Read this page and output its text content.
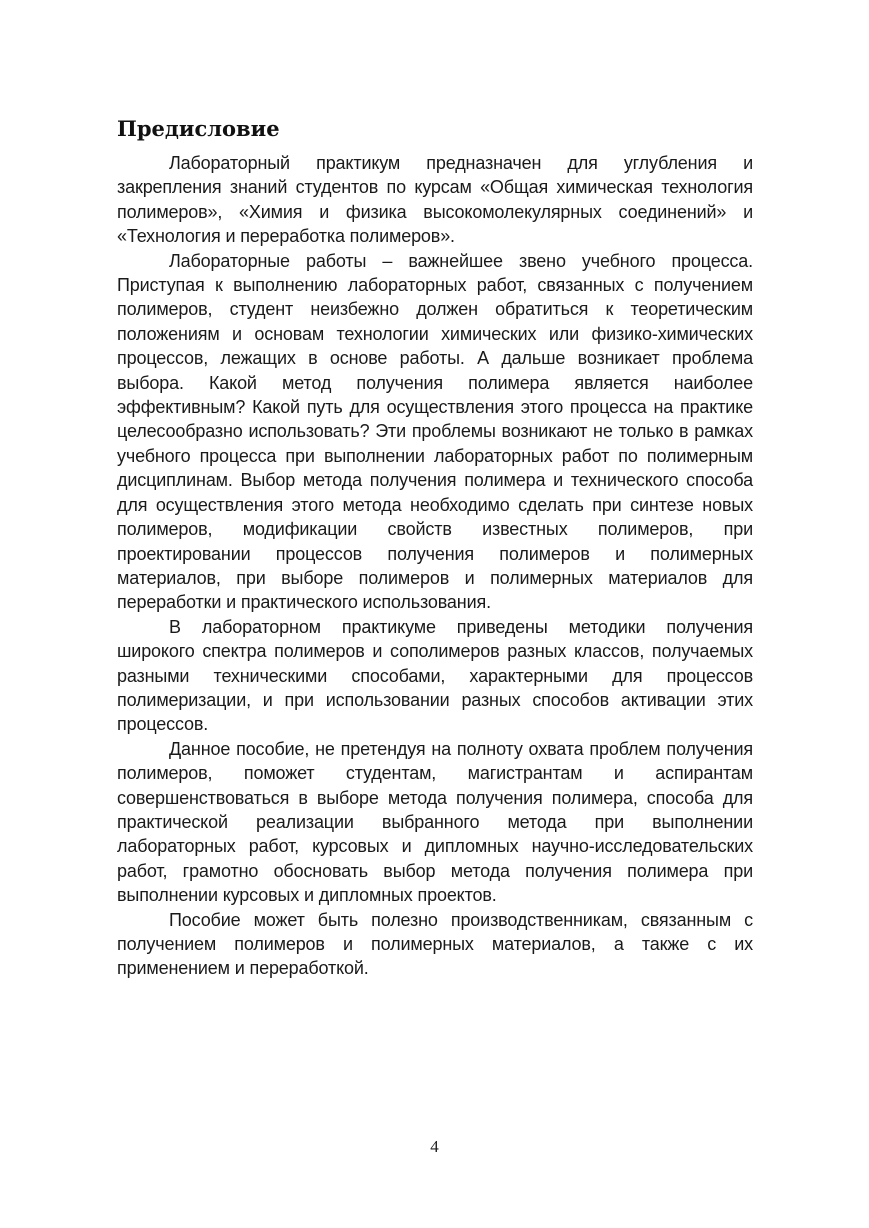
Предисловие

Лабораторный практикум предназначен для углубления и закрепления знаний студентов по курсам «Общая химическая технология полимеров», «Химия и физика высокомолекулярных соединений» и «Технология и переработка полимеров».

Лабораторные работы – важнейшее звено учебного процесса. Приступая к выполнению лабораторных работ, связанных с получением полимеров, студент неизбежно должен обратиться к теоретическим положениям и основам технологии химических или физико-химических процессов, лежащих в основе работы. А дальше возникает проблема выбора. Какой метод получения полимера является наиболее эффективным? Какой путь для осуществления этого процесса на практике целесообразно использовать? Эти проблемы возникают не только в рамках учебного процесса при выполнении лабораторных работ по полимерным дисциплинам. Выбор метода получения полимера и технического способа для осуществления этого метода необходимо сделать при синтезе новых полимеров, модификации свойств известных полимеров, при проектировании процессов получения полимеров и полимерных материалов, при выборе полимеров и полимерных материалов для переработки и практического использования.

В лабораторном практикуме приведены методики получения широкого спектра полимеров и сополимеров разных классов, получаемых разными техническими способами, характерными для процессов полимеризации, и при использовании разных способов активации этих процессов.

Данное пособие, не претендуя на полноту охвата проблем получения полимеров, поможет студентам, магистрантам и аспирантам совершенствоваться в выборе метода получения полимера, способа для практической реализации выбранного метода при выполнении лабораторных работ, курсовых и дипломных научно-исследовательских работ, грамотно обосновать выбор метода получения полимера при выполнении курсовых и дипломных проектов.

Пособие может быть полезно производственникам, связанным с получением полимеров и полимерных материалов, а также с их применением и переработкой.

4
